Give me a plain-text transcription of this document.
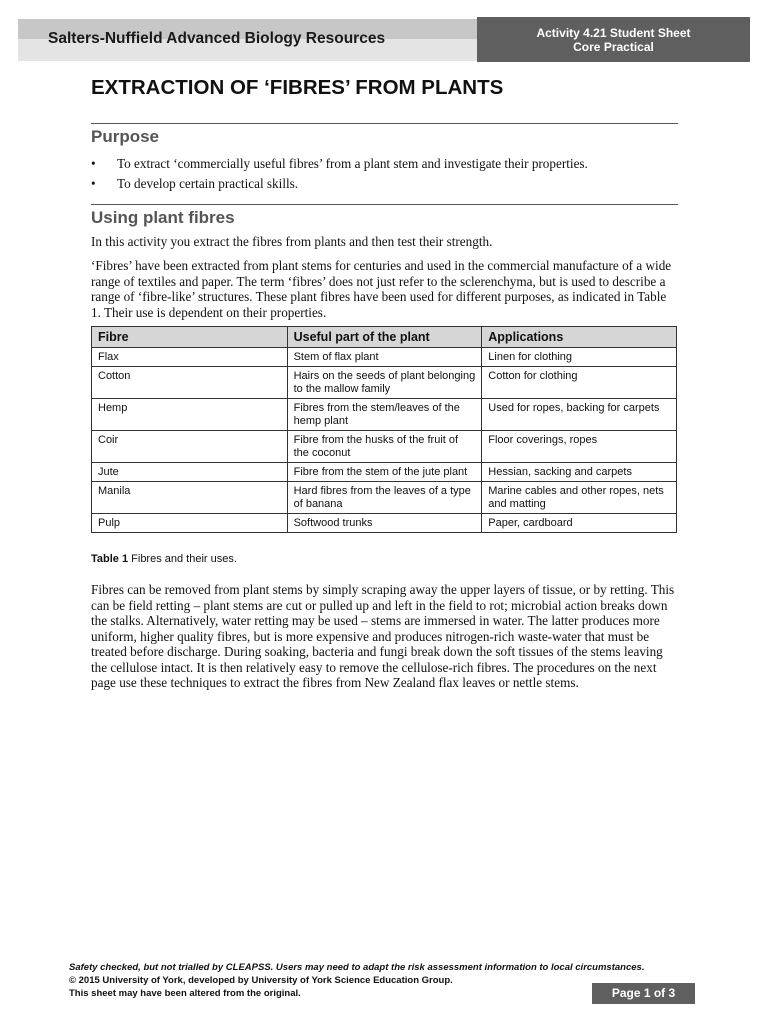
Salters-Nuffield Advanced Biology Resources	Activity 4.21 Student Sheet
Core Practical
EXTRACTION OF ‘FIBRES’ FROM PLANTS
Purpose
• To extract ‘commercially useful fibres’ from a plant stem and investigate their properties.
• To develop certain practical skills.
Using plant fibres

In this activity you extract the fibres from plants and then test their strength.

‘Fibres’ have been extracted from plant stems for centuries and used in the commercial manufacture of a wide range of textiles and paper. The term ‘fibres’ does not just refer to the sclerenchyma, but is used to describe a range of ‘fibre-like’ structures. These plant fibres have been used for different purposes, as indicated in Table 1. Their use is dependent on their properties.

Fibre	Useful part of the plant	Applications
Flax	Stem of flax plant	Linen for clothing
Cotton	Hairs on the seeds of plant belonging to the mallow family	Cotton for clothing
Hemp	Fibres from the stem/leaves of the hemp plant	Used for ropes, backing for carpets
Coir	Fibre from the husks of the fruit of the coconut	Floor coverings, ropes
Jute	Fibre from the stem of the jute plant	Hessian, sacking and carpets
Manila	Hard fibres from the leaves of a type of banana	Marine cables and other ropes, nets and matting
Pulp	Softwood trunks	Paper, cardboard
Table 1 Fibres and their uses.

Fibres can be removed from plant stems by simply scraping away the upper layers of tissue, or by retting. This can be field retting – plant stems are cut or pulled up and left in the field to rot; microbial action breaks down the stalks. Alternatively, water retting may be used – stems are immersed in water. The latter produces more uniform, higher quality fibres, but is more expensive and produces nitrogen-rich waste-water that must be treated before discharge. During soaking, bacteria and fungi break down the soft tissues of the stems leaving the cellulose intact. It is then relatively easy to remove the cellulose-rich fibres. The procedures on the next page use these techniques to extract the fibres from New Zealand flax leaves or nettle stems.

Safety checked, but not trialled by CLEAPSS. Users may need to adapt the risk assessment information to local circumstances.
© 2015 University of York, developed by University of York Science Education Group.
This sheet may have been altered from the original.	Page 1 of 3
